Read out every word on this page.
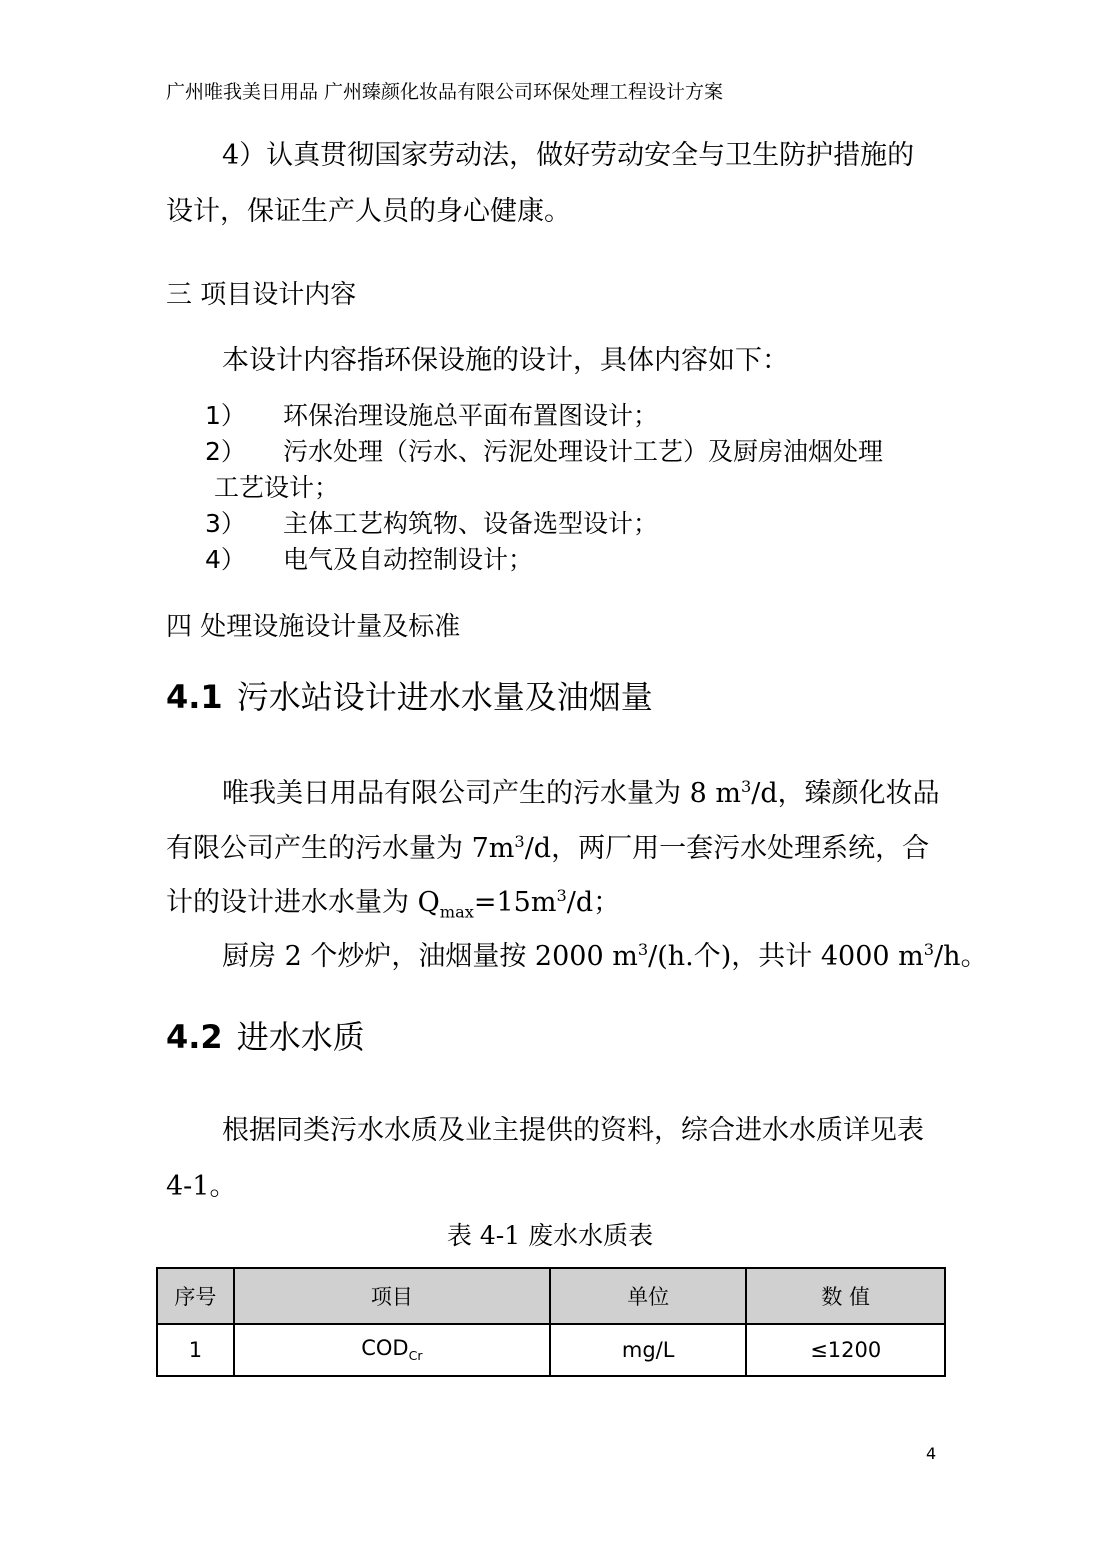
广州唯我美日用品 广州臻颜化妆品有限公司环保处理工程设计方案
4）认真贯彻国家劳动法，做好劳动安全与卫生防护措施的
设计，保证生产人员的身心健康。
三 项目设计内容
本设计内容指环保设施的设计，具体内容如下：
1） 环保治理设施总平面布置图设计；
2） 污水处理（污水、污泥处理设计工艺）及厨房油烟处理
工艺设计；
3） 主体工艺构筑物、设备选型设计；
4） 电气及自动控制设计；
四 处理设施设计量及标准
4.1 污水站设计进水水量及油烟量
唯我美日用品有限公司产生的污水量为 8 $m^3/d$，臻颜化妆品
有限公司产生的污水量为 $7m^3/d$，两厂用一套污水处理系统，合
计的设计进水水量为 $Q_{max}=15m^3/d$；
厨房 2 个炒炉，油烟量按 2000 $m^3/(h$.个)，共计 4000 $m^3/h$。
4.2 进水水质
根据同类污水水质及业主提供的资料，综合进水水质详见表
4-1。
表 4-1 废水水质表
序号	项目	单位	数 值
1	$COD_{Cr}$	mg/L	≤1200
4
